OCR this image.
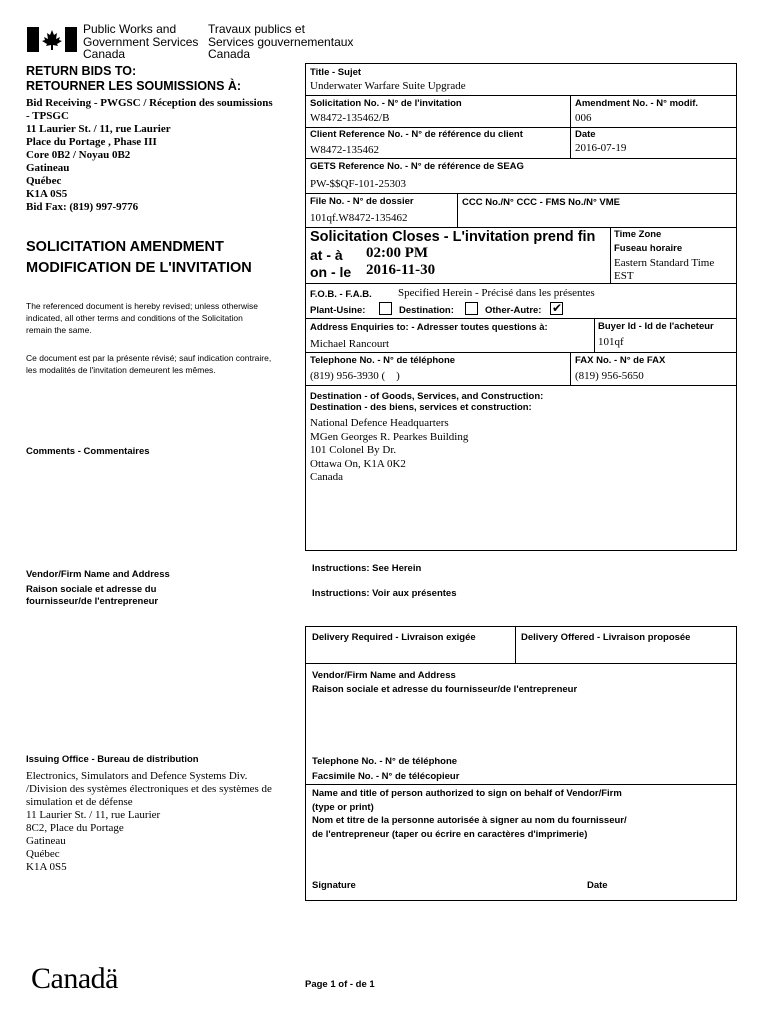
Public Works and
Government Services
Canada
Travaux publics et
Services gouvernementaux
Canada
RETURN BIDS TO:
RETOURNER LES SOUMISSIONS À:
Bid Receiving - PWGSC / Réception des soumissions
- TPSGC
11 Laurier St. / 11, rue Laurier
Place du Portage , Phase III
Core 0B2 / Noyau 0B2
Gatineau
Québec
K1A 0S5
Bid Fax: (819) 997-9776
SOLICITATION AMENDMENT
MODIFICATION DE L'INVITATION
The referenced document is hereby revised; unless otherwise
indicated, all other terms and conditions of the Solicitation
remain the same.
Ce document est par la présente révisé; sauf indication contraire,
les modalités de l'invitation demeurent les mêmes.
Comments - Commentaires
Vendor/Firm Name and Address
Raison sociale et adresse du
fournisseur/de l'entrepreneur
Issuing Office - Bureau de distribution
Electronics, Simulators and Defence Systems Div.
/Division des systèmes électroniques et des systèmes de
simulation et de défense
11 Laurier St. / 11, rue Laurier
8C2, Place du Portage
Gatineau
Québec
K1A 0S5
Title - Sujet
Underwater Warfare Suite Upgrade
Solicitation No. - N° de l'invitation
W8472-135462/B
Amendment No. - N° modif.
006
Client Reference No. - N° de référence du client
W8472-135462
Date
2016-07-19
GETS Reference No. - N° de référence de SEAG
PW-$$QF-101-25303
File No. - N° de dossier
101qf.W8472-135462
CCC No./N° CCC - FMS No./N° VME
Solicitation Closes - L'invitation prend fin
at - à 02:00 PM
on - le 2016-11-30
Time Zone
Fuseau horaire
Eastern Standard Time
EST
F.O.B. - F.A.B. Specified Herein - Précisé dans les présentes
Plant-Usine:	Destination:	Other-Autre: ✔
Address Enquiries to: - Adresser toutes questions à:
Michael Rancourt
Buyer Id - Id de l'acheteur
101qf
Telephone No. - N° de téléphone
(819) 956-3930 (    )
FAX No. - N° de FAX
(819) 956-5650
Destination - of Goods, Services, and Construction:
Destination - des biens, services et construction:
National Defence Headquarters
MGen Georges R. Pearkes Building
101 Colonel By Dr.
Ottawa On, K1A 0K2
Canada
Instructions: See Herein
Instructions: Voir aux présentes
Delivery Required - Livraison exigée	Delivery Offered - Livraison proposée
Vendor/Firm Name and Address
Raison sociale et adresse du fournisseur/de l'entrepreneur
Telephone No. - N° de téléphone
Facsimile No. - N° de télécopieur
Name and title of person authorized to sign on behalf of Vendor/Firm
(type or print)
Nom et titre de la personne autorisée à signer au nom du fournisseur/
de l'entrepreneur (taper ou écrire en caractères d'imprimerie)
Signature	Date
Canadä	Page 1 of - de 1
